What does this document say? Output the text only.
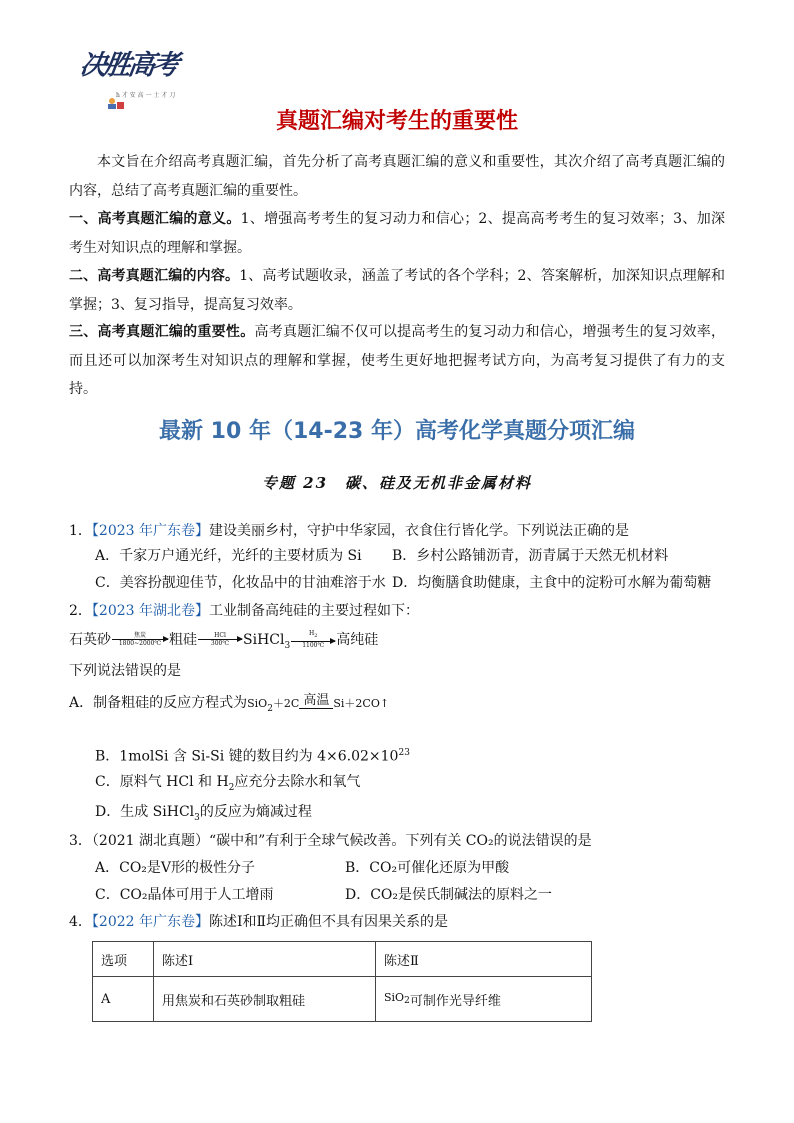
决胜高考
h 才 安 高 一 士 才 刀
真题汇编对考生的重要性
本文旨在介绍高考真题汇编，首先分析了高考真题汇编的意义和重要性，其次介绍了高考真题汇编的内容，总结了高考真题汇编的重要性。
一、高考真题汇编的意义。1、增强高考考生的复习动力和信心；2、提高高考考生的复习效率；3、加深考生对知识点的理解和掌握。
二、高考真题汇编的内容。1、高考试题收录，涵盖了考试的各个学科；2、答案解析，加深知识点理解和掌握；3、复习指导，提高复习效率。
三、高考真题汇编的重要性。高考真题汇编不仅可以提高考生的复习动力和信心，增强考生的复习效率，而且还可以加深考生对知识点的理解和掌握，使考生更好地把握考试方向，为高考复习提供了有力的支持。
最新 10 年（14-23 年）高考化学真题分项汇编
专题 23　碳、硅及无机非金属材料
1．【2023 年广东卷】建设美丽乡村，守护中华家园，衣食住行皆化学。下列说法正确的是
A．千家万户通光纤，光纤的主要材质为 Si	B．乡村公路铺沥青，沥青属于天然无机材料
C．美容扮靓迎佳节，化妆品中的甘油难溶于水 D．均衡膳食助健康，主食中的淀粉可水解为葡萄糖
2．【2023 年湖北卷】工业制备高纯硅的主要过程如下：
石英砂	焦炭
1800~2000℃ 粗硅	HCl
300℃ SiHCl$_3$ $\frac{H_2}{1100℃}$ 高纯硅
下列说法错误的是
A．制备粗硅的反应方程式为SiO$_2$＋2C 高温 Si＋2CO↑
B．1molSi 含 Si-Si 键的数目约为 $4\times 6.02\times 10^{23}$
C．原料气 HCl 和 $H_2$应充分去除水和氧气
D．生成 SiHCl$_3$的反应为熵减过程
3．（2021 湖北真题）“碳中和”有利于全球气候改善。下列有关 CO₂的说法错误的是
A．CO₂是Ⅴ形的极性分子	B．CO₂可催化还原为甲酸
C．CO₂晶体可用于人工增雨	D．CO₂是侯氏制碱法的原料之一
4．【2022 年广东卷】陈述Ⅰ和Ⅱ均正确但不具有因果关系的是
选项	陈述Ⅰ	陈述Ⅱ
A	用焦炭和石英砂制取粗硅	$^{SiO}_2$可制作光导纤维
